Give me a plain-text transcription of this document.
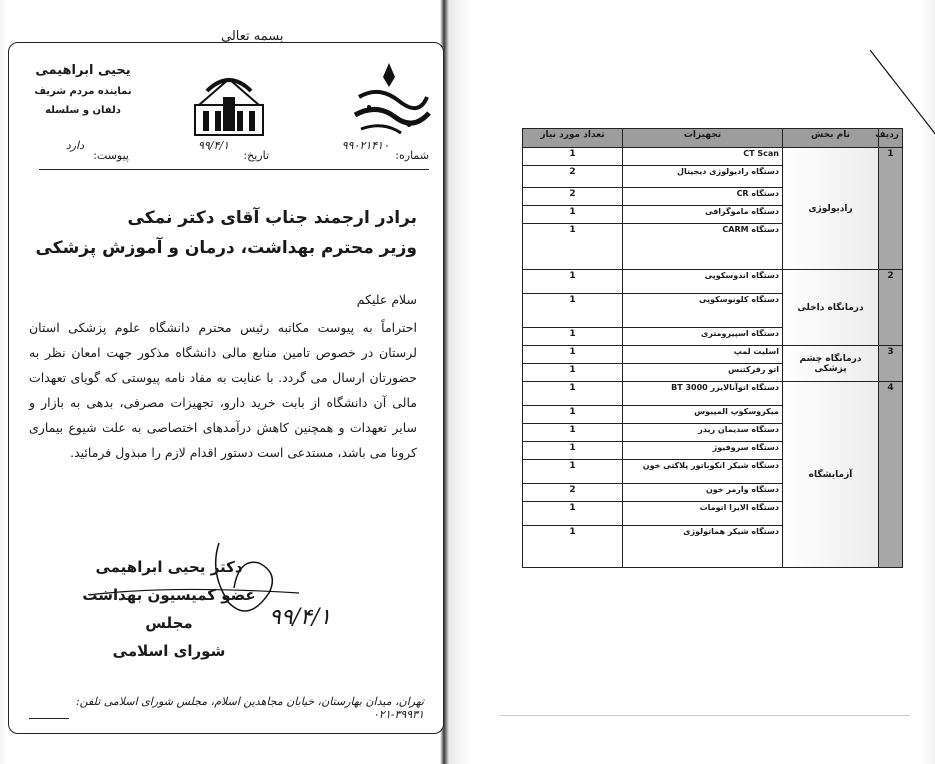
بسمه تعالی
یحیی ابراهیمی
نماینده مردم شریف
دلفان و سلسله
شماره:
۹۹۰۲۱۴۱۰
تاریخ:
۹۹/۴/۱
پیوست:
دارد
برادر ارجمند جناب آقای دکتر نمکی
وزیر محترم بهداشت، درمان و آموزش پزشکی
سلام علیکم
احتراماً به پیوست مکاتبه رئیس محترم دانشگاه علوم پزشکی استان لرستان در خصوص تامین منابع مالی دانشگاه مذکور جهت امعان نظر به حضورتان ارسال می گردد. با عنایت به مفاد نامه پیوستی که گویای تعهدات مالی آن دانشگاه از بابت خرید دارو، تجهیزات مصرفی، بدهی به بازار و سایر تعهدات و همچنین کاهش درآمدهای اختصاصی به علت شیوع بیماری کرونا می باشد، مستدعی است دستور اقدام لازم را مبذول فرمائید.
دکتر یحیی ابراهیمی
عضو کمیسیون بهداشت مجلس
شورای اسلامی
۹۹/۴/۱
تهران، میدان بهارستان، خیابان مجاهدین اسلام، مجلس شورای اسلامی تلفن: ۳۹۹۳۱-۰۲۱
ردیف	نام بخش	تجهیزات	تعداد مورد نیاز
1	رادیولوژی	CT Scan	1
		دستگاه رادیولوژی دیجیتال	2
		دستگاه CR	2
		دستگاه ماموگرافی	1
		دستگاه CARM	1
2	درمانگاه داخلی	دستگاه اندوسکوپی	1
		دستگاه کلونوسکوپی	1
		دستگاه اسپیرومتری	1
3	درمانگاه چشم پزشکی	اسلیت لمپ	1
		اتو رفرکتنس	1
4	آزمایشگاه	دستگاه اتوآنالایزر BT 3000	1
		میکروسکوپ المپیوس	1
		دستگاه سدیمان ریدر	1
		دستگاه سروفیوژ	1
		دستگاه شیکر انکوباتور پلاکتی خون	1
		دستگاه وارمر خون	2
		دستگاه الایزا اتومات	1
		دستگاه شیکر هماتولوژی	1
